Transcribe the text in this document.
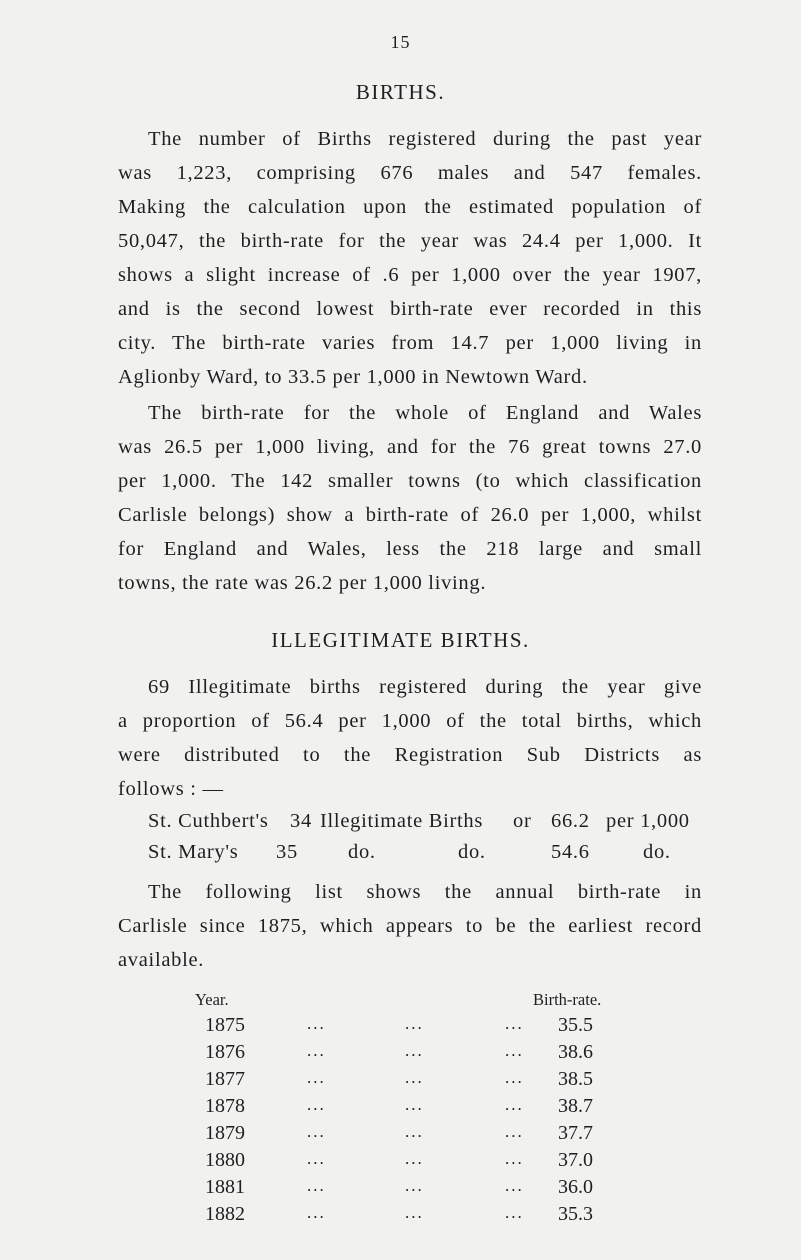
15
BIRTHS.
The number of Births registered during the past year
was 1,223, comprising 676 males and 547 females.
Making the calculation upon the estimated population of
50,047, the birth-rate for the year was 24.4 per 1,000. It
shows a slight increase of .6 per 1,000 over the year 1907,
and is the second lowest birth-rate ever recorded in this
city. The birth-rate varies from 14.7 per 1,000 living in
Aglionby Ward, to 33.5 per 1,000 in Newtown Ward.
The birth-rate for the whole of England and Wales
was 26.5 per 1,000 living, and for the 76 great towns 27.0
per 1,000. The 142 smaller towns (to which classification
Carlisle belongs) show a birth-rate of 26.0 per 1,000, whilst
for England and Wales, less the 218 large and small
towns, the rate was 26.2 per 1,000 living.
ILLEGITIMATE BIRTHS.
69 Illegitimate births registered during the year give
a proportion of 56.4 per 1,000 of the total births, which
were distributed to the Registration Sub Districts as
follows : —
St. Cuthbert's 34 Illegitimate Births or 66.2 per 1,000
St. Mary's 35 do.	do.	54.6	do.
The following list shows the annual birth-rate in
Carlisle since 1875, which appears to be the earliest record
available.
Year.	Birth-rate.
1875	...	...	... 35.5
1876	...	...	... 38.6
1877	...	...	... 38.5
1878	...	...	... 38.7
1879	...	...	... 37.7
1880	...	...	... 37.0
1881	...	...	... 36.0
1882	...	...	... 35.3
